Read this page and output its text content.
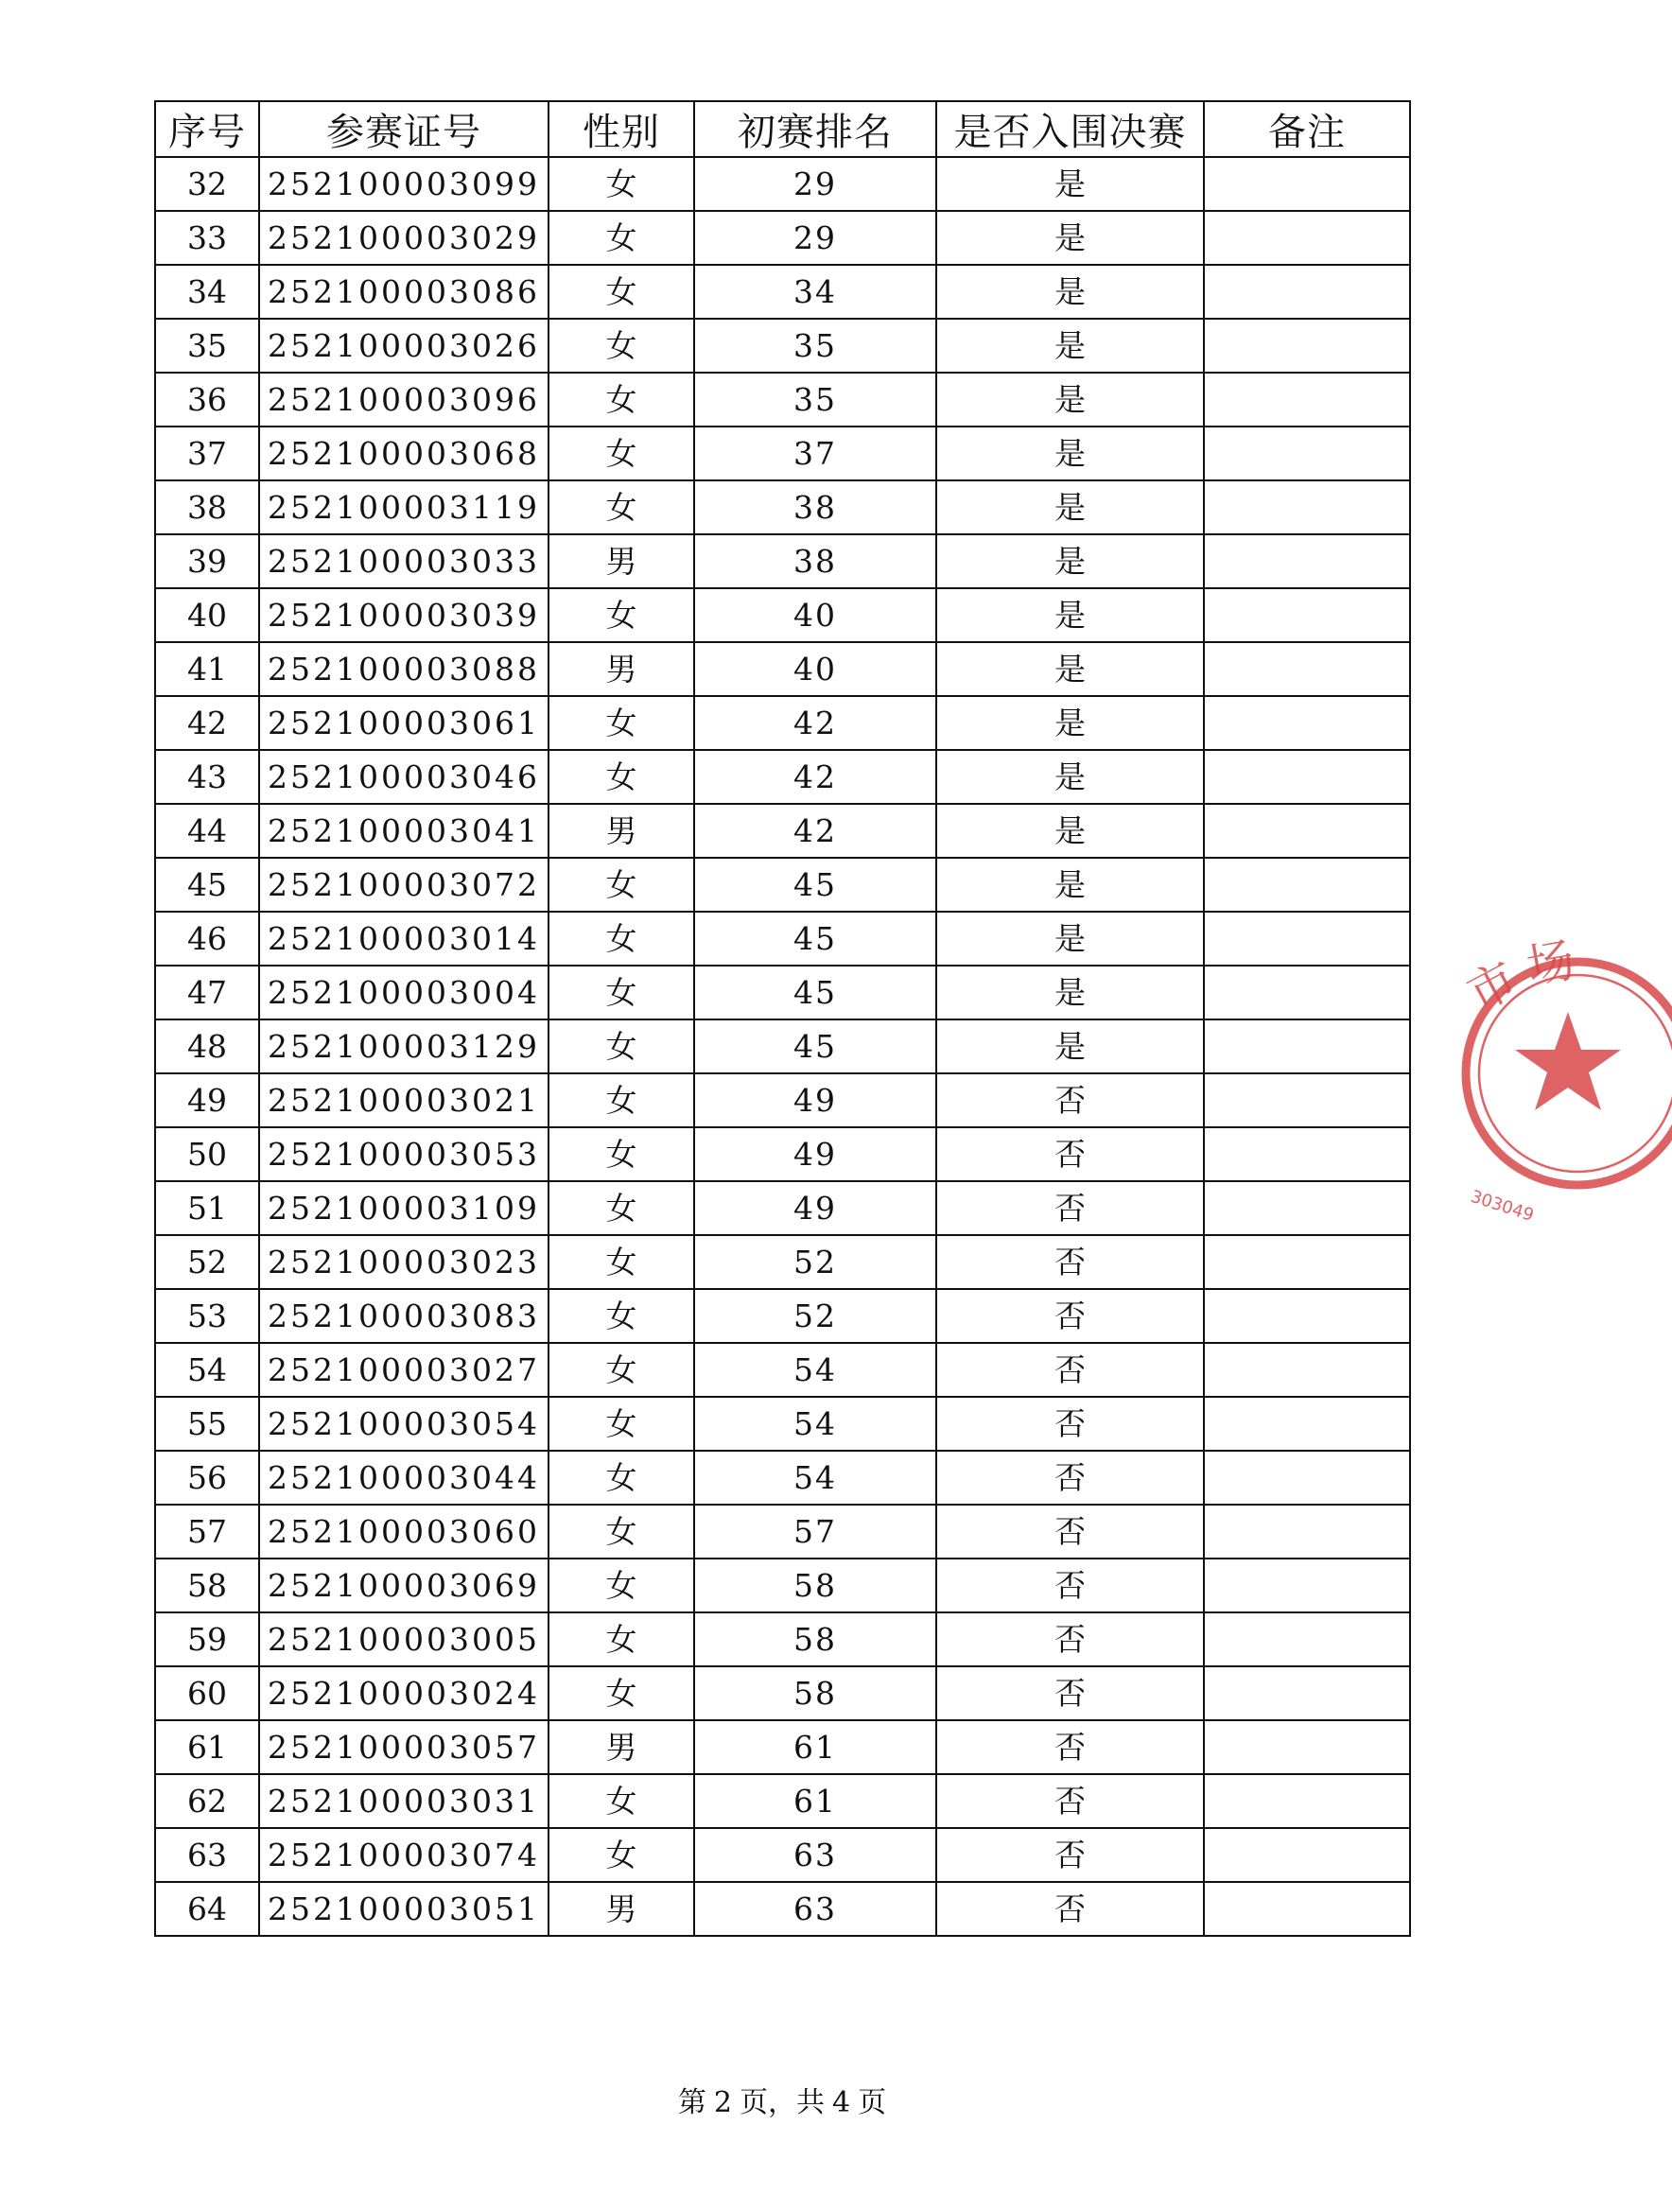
序号	参赛证号	性别	初赛排名	是否入围决赛	备注
32	252100003099	女	29	是	
33	252100003029	女	29	是	
34	252100003086	女	34	是	
35	252100003026	女	35	是	
36	252100003096	女	35	是	
37	252100003068	女	37	是	
38	252100003119	女	38	是	
39	252100003033	男	38	是	
40	252100003039	女	40	是	
41	252100003088	男	40	是	
42	252100003061	女	42	是	
43	252100003046	女	42	是	
44	252100003041	男	42	是	
45	252100003072	女	45	是	
46	252100003014	女	45	是	
47	252100003004	女	45	是	
48	252100003129	女	45	是	
49	252100003021	女	49	否	
50	252100003053	女	49	否	
51	252100003109	女	49	否	
52	252100003023	女	52	否	
53	252100003083	女	52	否	
54	252100003027	女	54	否	
55	252100003054	女	54	否	
56	252100003044	女	54	否	
57	252100003060	女	57	否	
58	252100003069	女	58	否	
59	252100003005	女	58	否	
60	252100003024	女	58	否	
61	252100003057	男	61	否	
62	252100003031	女	61	否	
63	252100003074	女	63	否	
64	252100003051	男	63	否	
市
场
303049
第 2 页，共 4 页
